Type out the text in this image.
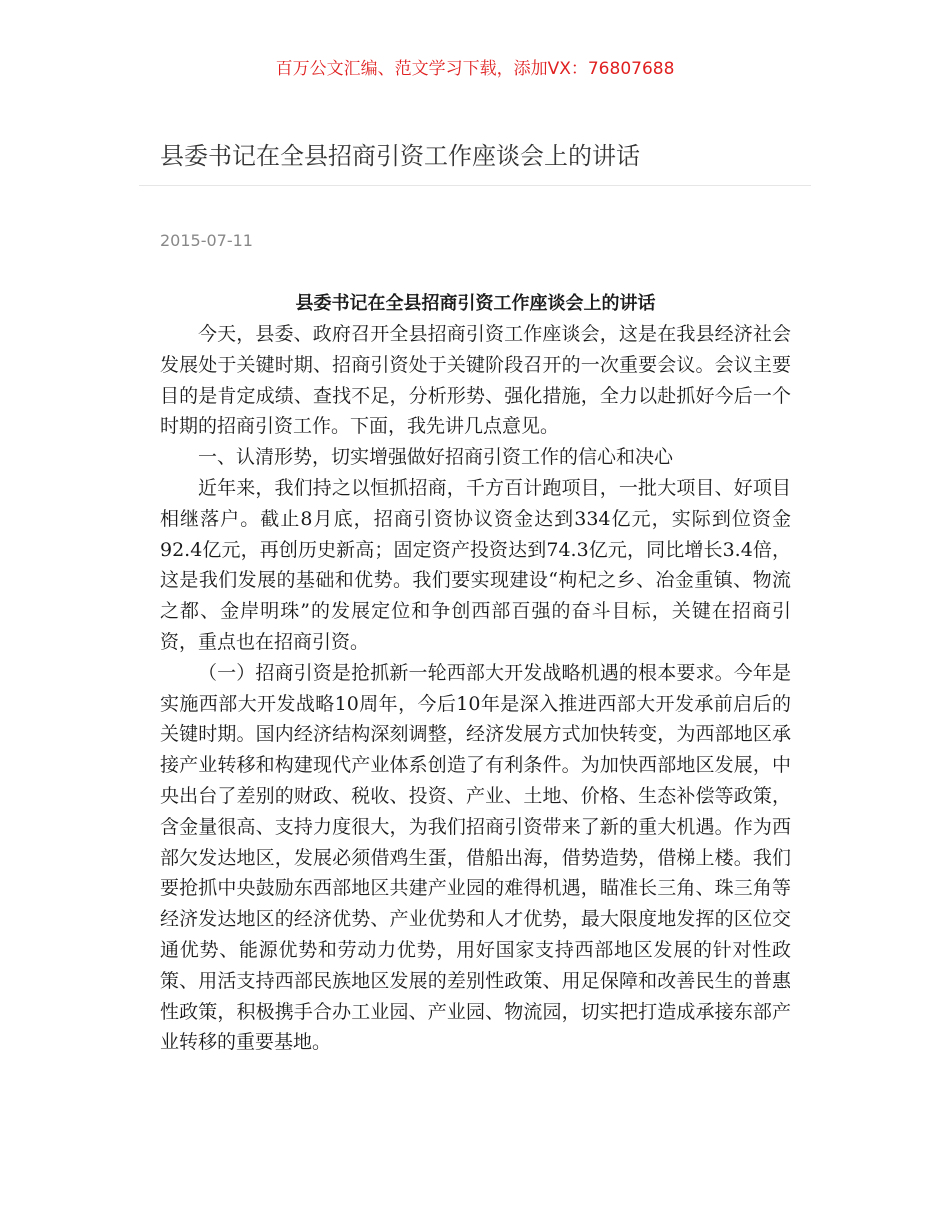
百万公文汇编、范文学习下载，添加VX：76807688
县委书记在全县招商引资工作座谈会上的讲话
2015-07-11
县委书记在全县招商引资工作座谈会上的讲话

今天，县委、政府召开全县招商引资工作座谈会，这是在我县经济社会发展处于关键时期、招商引资处于关键阶段召开的一次重要会议。会议主要目的是肯定成绩、查找不足，分析形势、强化措施，全力以赴抓好今后一个时期的招商引资工作。下面，我先讲几点意见。

一、认清形势，切实增强做好招商引资工作的信心和决心

近年来，我们持之以恒抓招商，千方百计跑项目，一批大项目、好项目相继落户。截止8月底，招商引资协议资金达到334亿元，实际到位资金92.4亿元，再创历史新高；固定资产投资达到74.3亿元，同比增长3.4倍，这是我们发展的基础和优势。我们要实现建设“枸杞之乡、冶金重镇、物流之都、金岸明珠”的发展定位和争创西部百强的奋斗目标，关键在招商引资，重点也在招商引资。

（一）招商引资是抢抓新一轮西部大开发战略机遇的根本要求。今年是实施西部大开发战略10周年，今后10年是深入推进西部大开发承前启后的关键时期。国内经济结构深刻调整，经济发展方式加快转变，为西部地区承接产业转移和构建现代产业体系创造了有利条件。为加快西部地区发展，中央出台了差别的财政、税收、投资、产业、土地、价格、生态补偿等政策，含金量很高、支持力度很大，为我们招商引资带来了新的重大机遇。作为西部欠发达地区，发展必须借鸡生蛋，借船出海，借势造势，借梯上楼。我们要抢抓中央鼓励东西部地区共建产业园的难得机遇，瞄准长三角、珠三角等经济发达地区的经济优势、产业优势和人才优势，最大限度地发挥的区位交通优势、能源优势和劳动力优势，用好国家支持西部地区发展的针对性政策、用活支持西部民族地区发展的差别性政策、用足保障和改善民生的普惠性政策，积极携手合办工业园、产业园、物流园，切实把打造成承接东部产业转移的重要基地。
